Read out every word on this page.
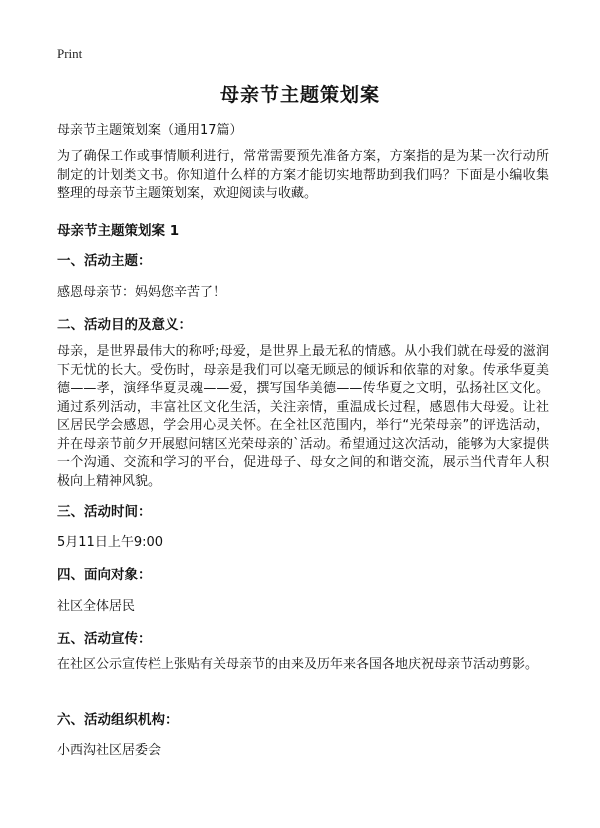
Print
母亲节主题策划案
母亲节主题策划案（通用17篇）
为了确保工作或事情顺利进行，常常需要预先准备方案，方案指的是为某一次行动所制定的计划类文书。你知道什么样的方案才能切实地帮助到我们吗？下面是小编收集整理的母亲节主题策划案，欢迎阅读与收藏。
母亲节主题策划案 1
一、活动主题：
感恩母亲节：妈妈您辛苦了！
二、活动目的及意义：
母亲，是世界最伟大的称呼;母爱，是世界上最无私的情感。从小我们就在母爱的滋润下无忧的长大。受伤时，母亲是我们可以毫无顾忌的倾诉和依靠的对象。传承华夏美德——孝，演绎华夏灵魂——爱，撰写国华美德——传华夏之文明，弘扬社区文化。通过系列活动，丰富社区文化生活，关注亲情，重温成长过程，感恩伟大母爱。让社区居民学会感恩，学会用心灵关怀。在全社区范围内，举行“光荣母亲”的评选活动，并在母亲节前夕开展慰问辖区光荣母亲的`活动。希望通过这次活动，能够为大家提供一个沟通、交流和学习的平台，促进母子、母女之间的和谐交流，展示当代青年人积极向上精神风貌。
三、活动时间：
5月11日上午9:00
四、面向对象：
社区全体居民
五、活动宣传：
在社区公示宣传栏上张贴有关母亲节的由来及历年来各国各地庆祝母亲节活动剪影。
六、活动组织机构：
小西沟社区居委会
